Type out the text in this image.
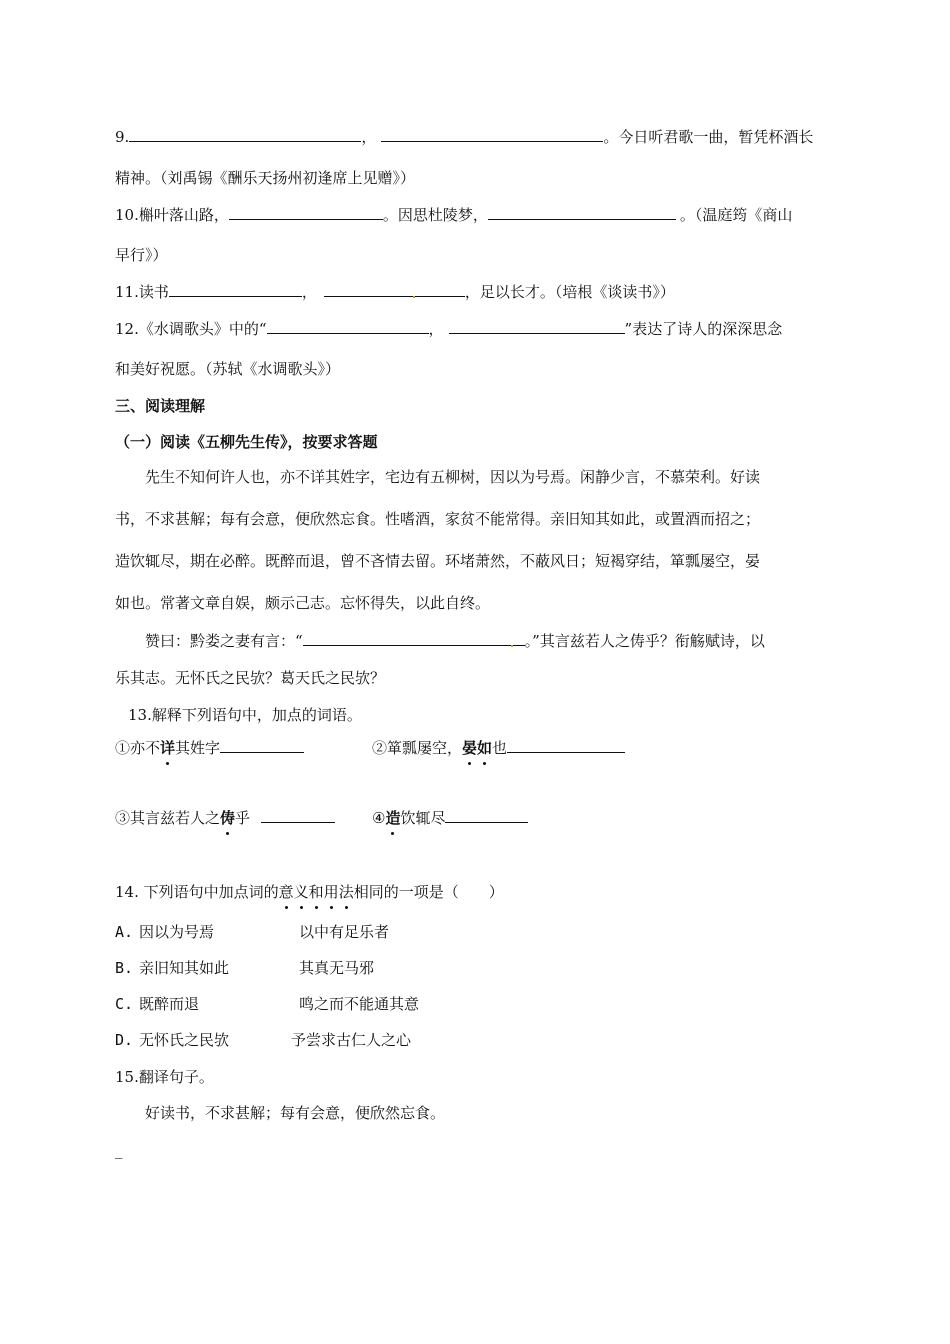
9.	，	。今日听君歌一曲，暂凭杯酒长
精神。（刘禹锡《酬乐天扬州初逢席上见赠》）
10.槲叶落山路，	。因思杜陵梦，	。（温庭筠《商山
早行》）
11.读书	，	，足以长才。（培根《谈读书》）
12.《水调歌头》中的“	，	”表达了诗人的深深思念
和美好祝愿。（苏轼《水调歌头》）
三、阅读理解
（一）阅读《五柳先生传》，按要求答题
先生不知何许人也，亦不详其姓字，宅边有五柳树，因以为号焉。闲静少言，不慕荣利。好读
书，不求甚解；每有会意，便欣然忘食。性嗜酒，家贫不能常得。亲旧知其如此，或置酒而招之；
造饮辄尽，期在必醉。既醉而退，曾不吝情去留。环堵萧然，不蔽风日；短褐穿结，箪瓢屡空，晏
如也。常著文章自娱，颇示己志。忘怀得失，以此自终。
赞曰：黔娄之妻有言：“	。”其言兹若人之俦乎？衔觞赋诗，以
乐其志。无怀氏之民欤？葛天氏之民欤？
13.解释下列语句中，加点的词语。
①亦不详其姓字	②箪瓢屡空，晏如也
③其言兹若人之俦乎	④造饮辄尽
14. 下列语句中加点词的意义和用法相同的一项是（　　）
A. 因以为号焉	以中有足乐者
B. 亲旧知其如此	其真无马邪
C. 既醉而退	鸣之而不能通其意
D. 无怀氏之民欤	予尝求古仁人之心
15.翻译句子。
好读书，不求甚解；每有会意，便欣然忘食。
_
